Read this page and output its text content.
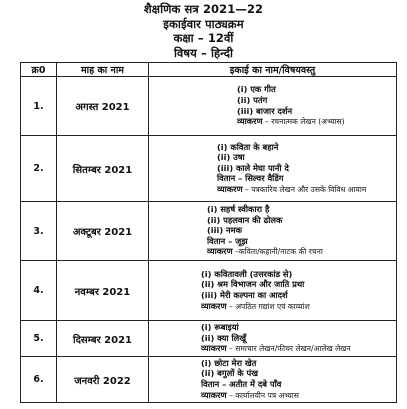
शैक्षणिक सत्र 2021—22
इकाईवार पाठ्यक्रम
कक्षा – 12वीं
विषय – हिन्दी
क्र0	माह का नाम	इकाई का नाम/विषयवस्तु
1.	अगस्त 2021	(i) एक गीत
(ii) पतंग
(iii) बाजार दर्शन
व्याकरण – रचनात्मक लेखन (अभ्यास)

2.	सितम्बर 2021	(i) कविता के बहाने
(ii) उषा
(iii) काले मेघा पानी दे
वितान – सिल्वर वैडिंग
व्याकरण – पत्रकारिय लेखन और उसके विविध आयाम

3.	अक्टूबर 2021	(i) सहर्ष स्वीकारा है
(ii) पहलवान की ढोलक
(iii) नमक
वितान – जूझ
व्याकरण –कविता/कहानी/नाटक की रचना

4.	नवम्बर 2021	(i) कवितावली (उत्तरकांड से)
(ii) श्रम विभाजन और जाति प्रथा
(iii) मेरी कल्पना का आदर्श
व्याकरण – अपठित गद्यांश एवं काव्यांश

5.	दिसम्बर 2021	(i) रूबाइयां
(ii) क्या लिखूँ
व्याकरण – समाचार लेखन/फीचर लेखन/आलेख लेखन

6.	जनवरी 2022	(i) छोटा मेरा खेत
(ii) बगुलों के पंख
वितान – अतीत में दबे पाँव
व्याकरण – कार्यालयीन पत्र अभ्यास
